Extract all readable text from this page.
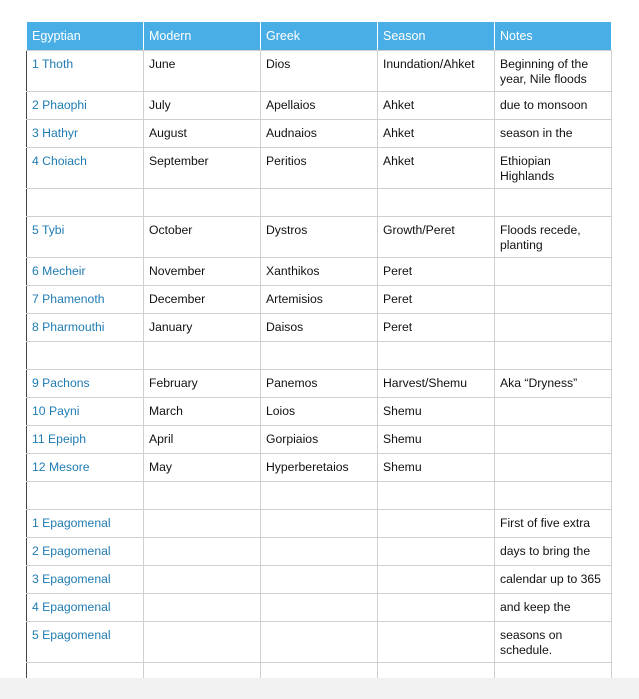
Egyptian	Modern	Greek	Season	Notes
1 Thoth	June	Dios	Inundation/Ahket	Beginning of the year, Nile floods
2 Phaophi	July	Apellaios	Ahket	due to monsoon
3 Hathyr	August	Audnaios	Ahket	season in the
4 Choiach	September	Peritios	Ahket	Ethiopian Highlands

5 Tybi	October	Dystros	Growth/Peret	Floods recede, planting
6 Mecheir	November	Xanthikos	Peret	
7 Phamenoth	December	Artemisios	Peret	
8 Pharmouthi	January	Daisos	Peret	

9 Pachons	February	Panemos	Harvest/Shemu	Aka “Dryness”
10 Payni	March	Loios	Shemu	
11 Epeiph	April	Gorpiaios	Shemu	
12 Mesore	May	Hyperberetaios	Shemu	

1 Epagomenal				First of five extra
2 Epagomenal				days to bring the
3 Epagomenal				calendar up to 365
4 Epagomenal				and keep the
5 Epagomenal				seasons on schedule.
